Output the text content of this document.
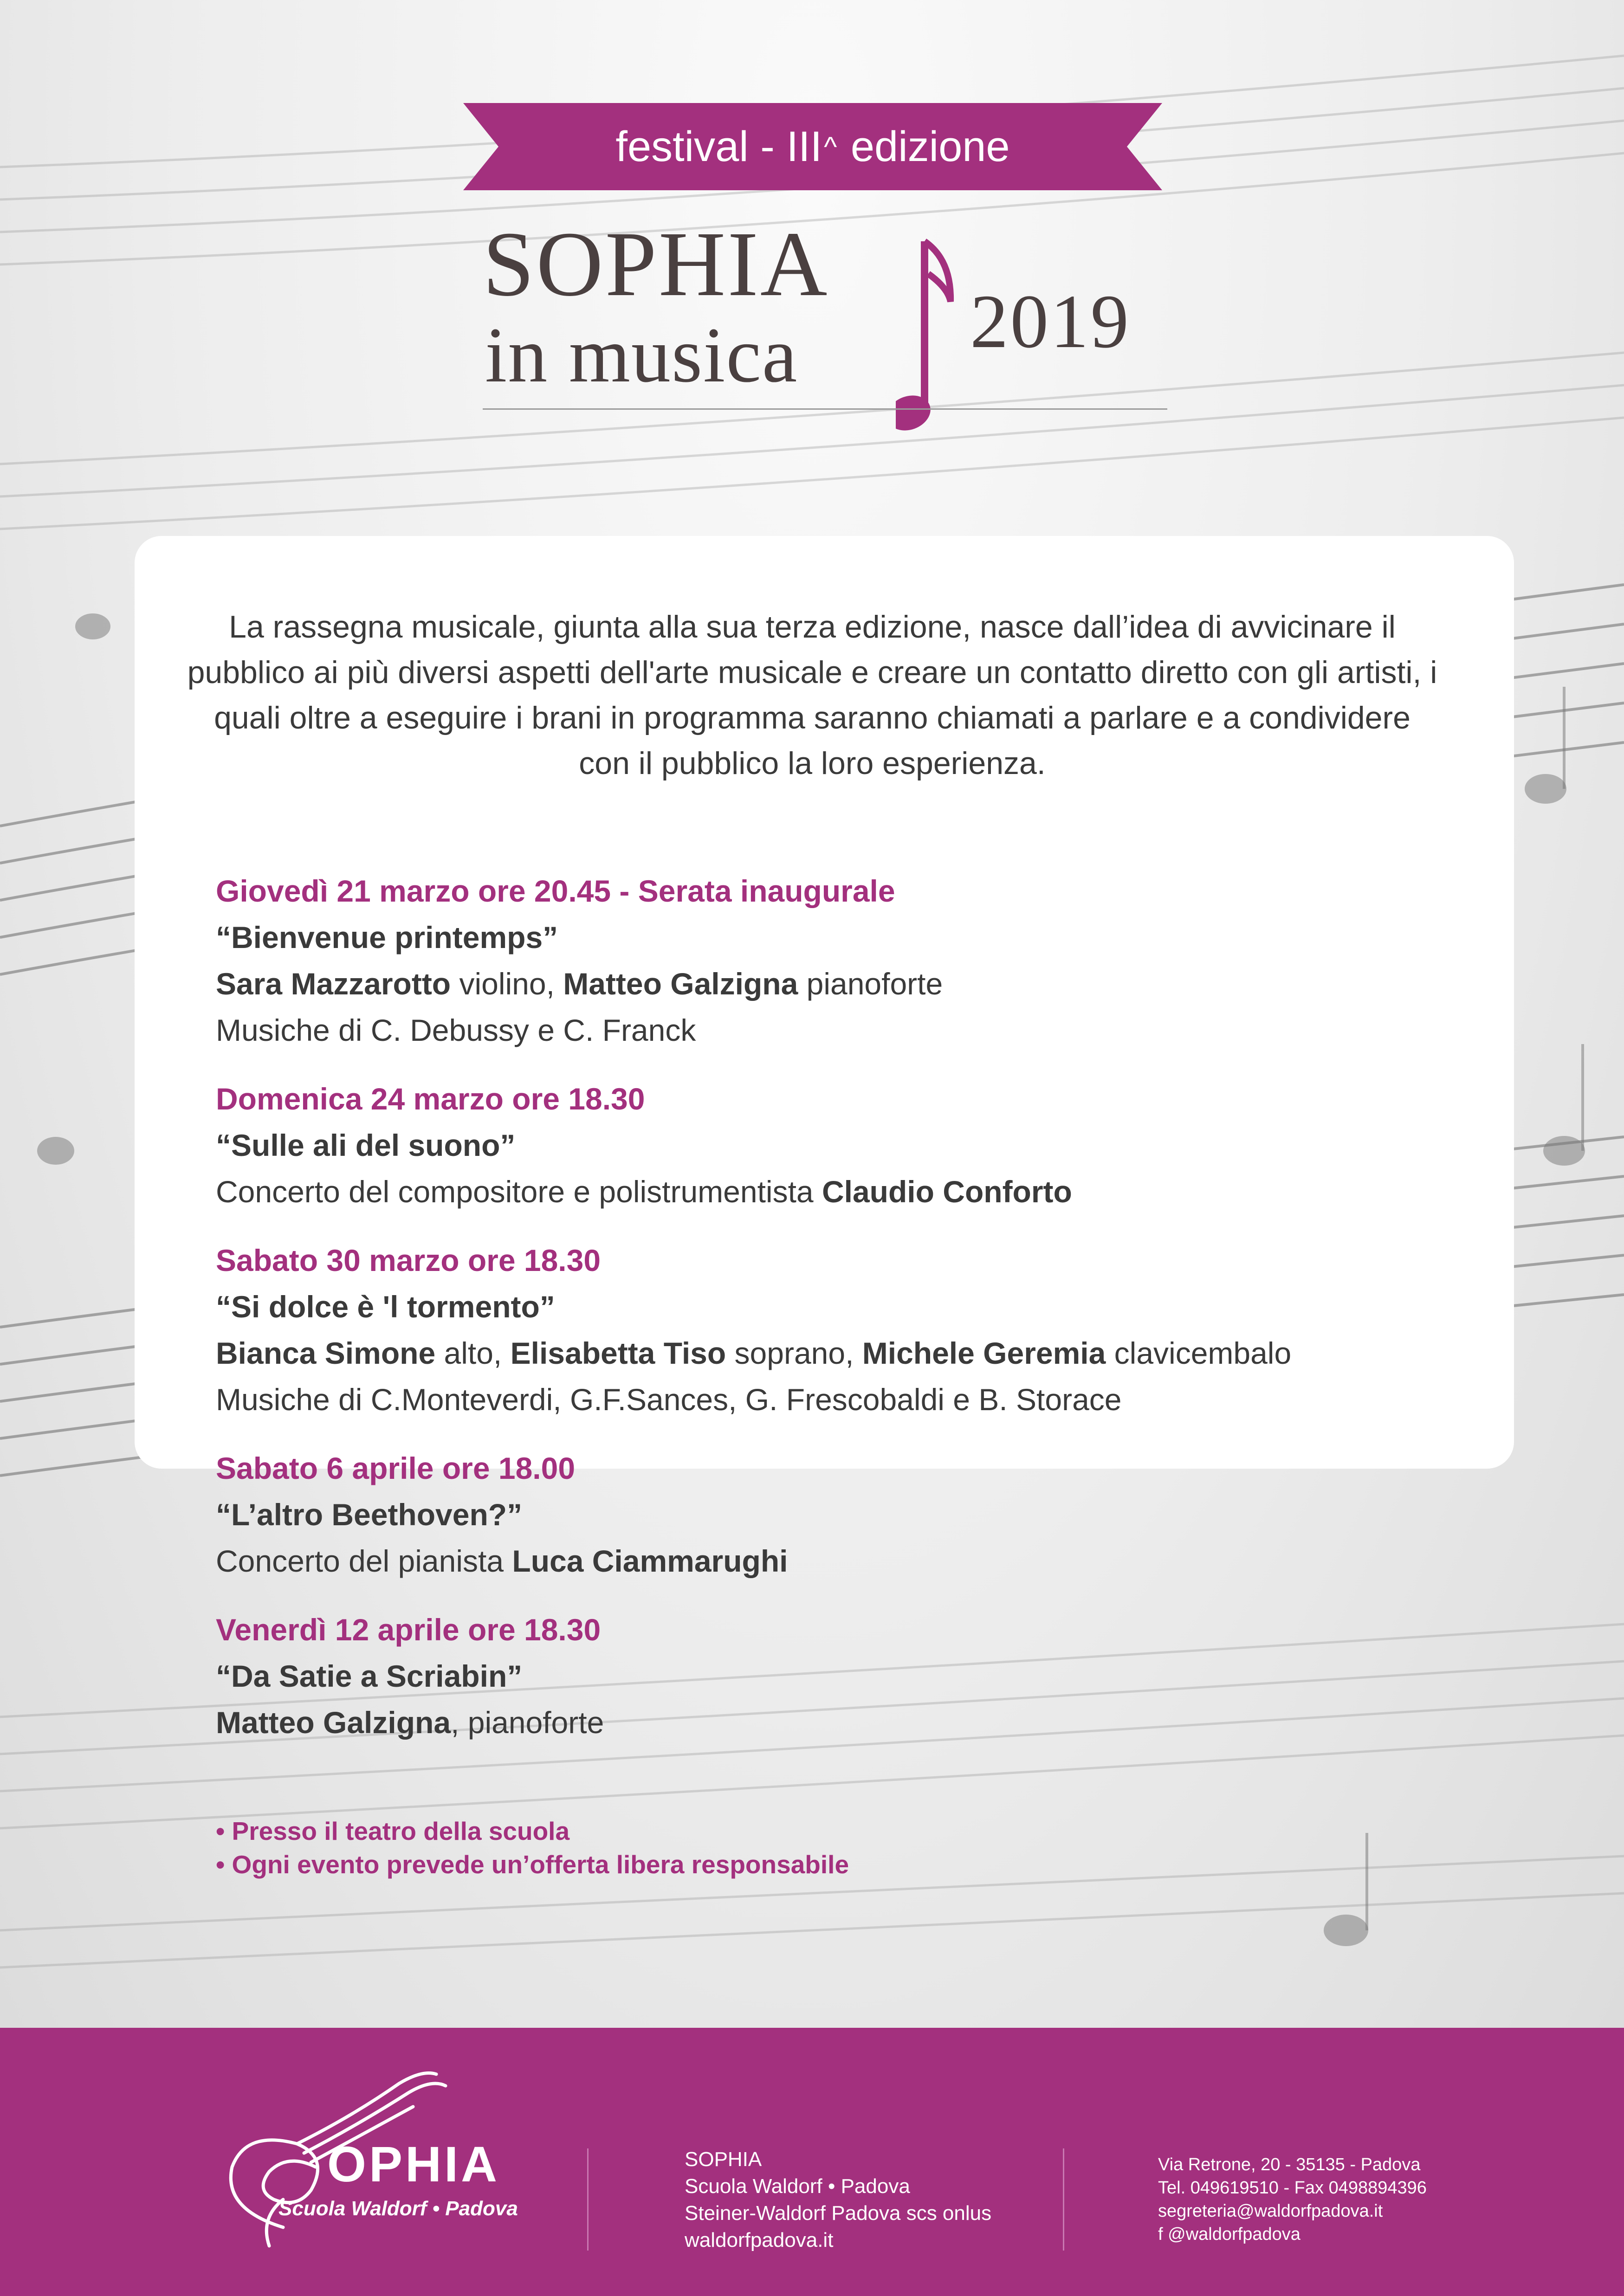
festival - III ^
edizione
SOPHIA
in musica 2019
La rassegna musicale, giunta alla sua terza edizione, nasce dall’idea di avvicinare il pubblico ai più diversi aspetti dell'arte musicale e creare un contatto diretto con gli artisti, i quali oltre a eseguire i brani in programma saranno chiamati a parlare e a condividere con il pubblico la loro esperienza.
Giovedì 21 marzo ore 20.45 - Serata inaugurale
“Bienvenue printemps”
Sara Mazzarotto violino, Matteo Galzigna pianoforte
Musiche di C. Debussy e C. Franck
Domenica 24 marzo ore 18.30
“Sulle ali del suono”
Concerto del compositore e polistrumentista Claudio Conforto
Sabato 30 marzo ore 18.30
“Si dolce è 'l tormento”
Bianca Simone alto, Elisabetta Tiso soprano, Michele Geremia clavicembalo
Musiche di C.Monteverdi, G.F.Sances, G. Frescobaldi e B. Storace
Sabato 6 aprile ore 18.00
“L’altro Beethoven?”
Concerto del pianista Luca Ciammarughi
Venerdì 12 aprile ore 18.30
“Da Satie a Scriabin”
Matteo Galzigna, pianoforte
• Presso il teatro della scuola
• Ogni evento prevede un’offerta libera responsabile
OPHIA
Scuola Waldorf • Padova
SOPHIA
Scuola Waldorf • Padova
Steiner-Waldorf Padova scs onlus
waldorfpadova.it
Via Retrone, 20 - 35135 - Padova
Tel. 049619510 - Fax 0498894396
segreteria@waldorfpadova.it
f @waldorfpadova
